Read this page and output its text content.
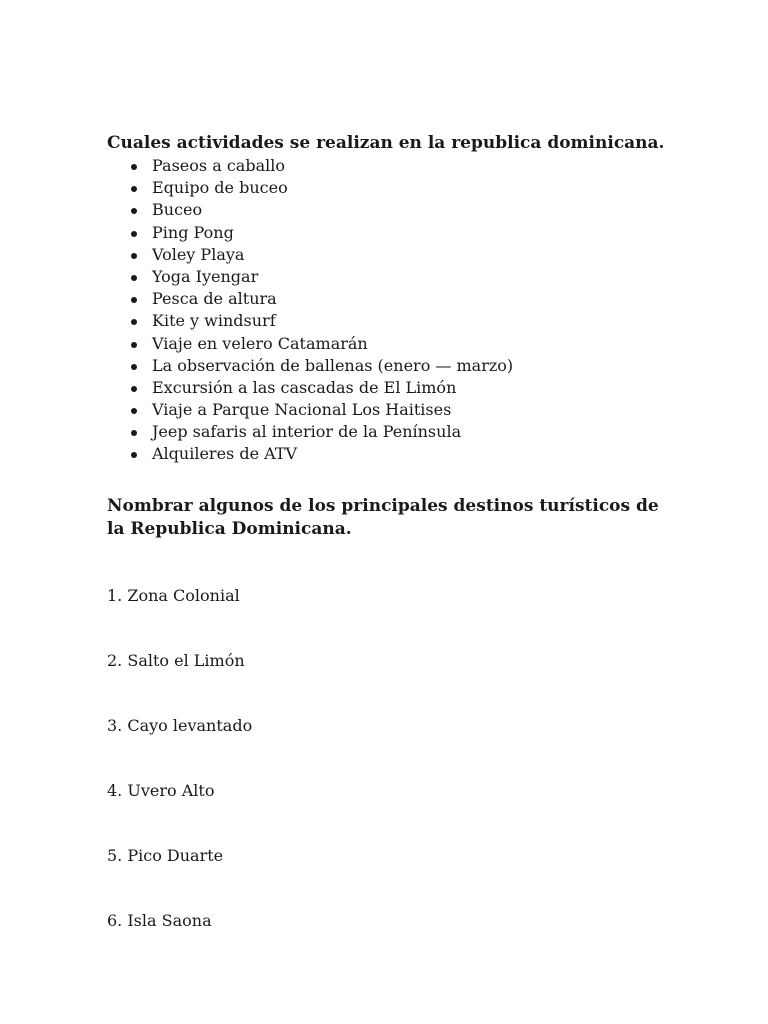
Cuales actividades se realizan en la republica dominicana.
Paseos a caballo
Equipo de buceo
Buceo
Ping Pong
Voley Playa
Yoga Iyengar
Pesca de altura
Kite y windsurf
Viaje en velero Catamarán
La observación de ballenas (enero — marzo)
Excursión a las cascadas de El Limón
Viaje a Parque Nacional Los Haitises
Jeep safaris al interior de la Península
Alquileres de ATV
Nombrar algunos de los principales destinos turísticos de la Republica Dominicana.
1. Zona Colonial
2. Salto el Limón
3. Cayo levantado
4. Uvero Alto
5. Pico Duarte
6. Isla Saona
